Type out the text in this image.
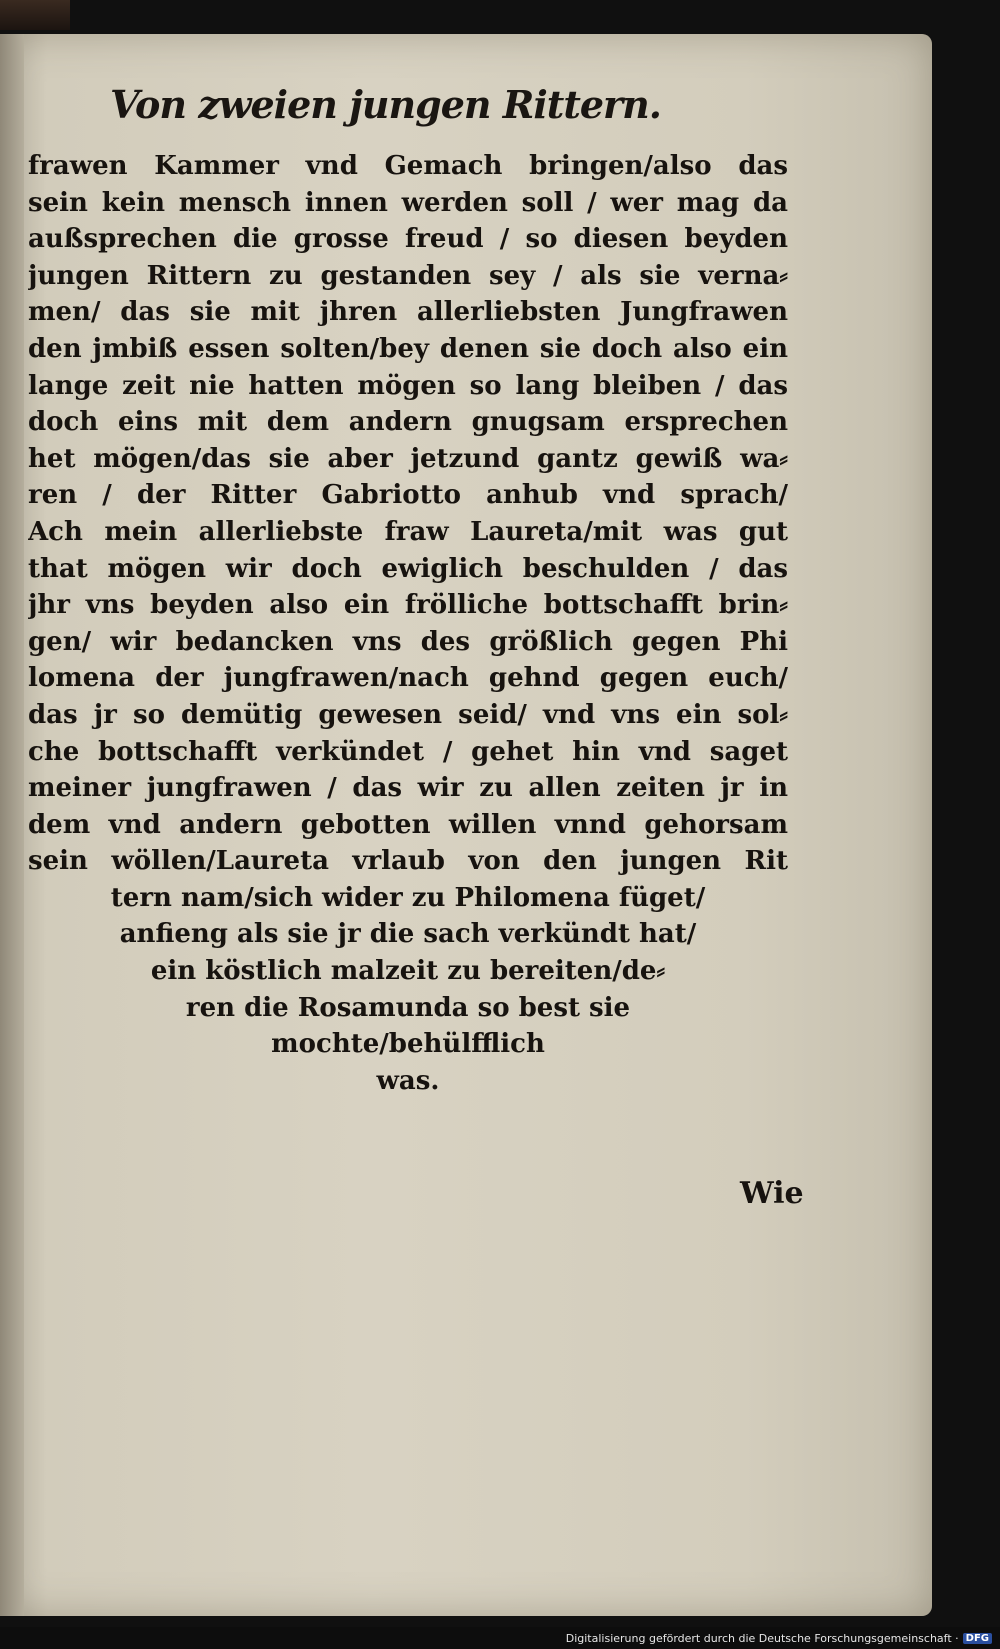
Von zweien jungen Rittern.
frawen Kammer vnd Gemach bringen/also das
sein kein mensch innen werden soll / wer mag da
außsprechen die grosse freud / so diesen beyden
jungen Rittern zu gestanden sey / als sie verna⸗
men/ das sie mit jhren allerliebsten Jungfrawen
den jmbiß essen solten/bey denen sie doch also ein
lange zeit nie hatten mögen so lang bleiben / das
doch eins mit dem andern gnugsam ersprechen
het mögen/das sie aber jetzund gantz gewiß wa⸗
ren / der Ritter Gabriotto anhub vnd sprach/
Ach mein allerliebste fraw Laureta/mit was gut
that mögen wir doch ewiglich beschulden / das
jhr vns beyden also ein frölliche bottschafft brin⸗
gen/ wir bedancken vns des größlich gegen Phi
lomena der jungfrawen/nach gehnd gegen euch/
das jr so demütig gewesen seid/ vnd vns ein sol⸗
che bottschafft verkündet / gehet hin vnd saget
meiner jungfrawen / das wir zu allen zeiten jr in
dem vnd andern gebotten willen vnnd gehorsam
sein wöllen/Laureta vrlaub von den jungen Rit
tern nam/sich wider zu Philomena füget/
anfieng als sie jr die sach verkündt hat/
ein köstlich malzeit zu bereiten/de⸗
ren die Rosamunda so best sie
mochte/behülfflich
was.
Wie
Digitalisierung gefördert durch die Deutsche Forschungsgemeinschaft · DFG
